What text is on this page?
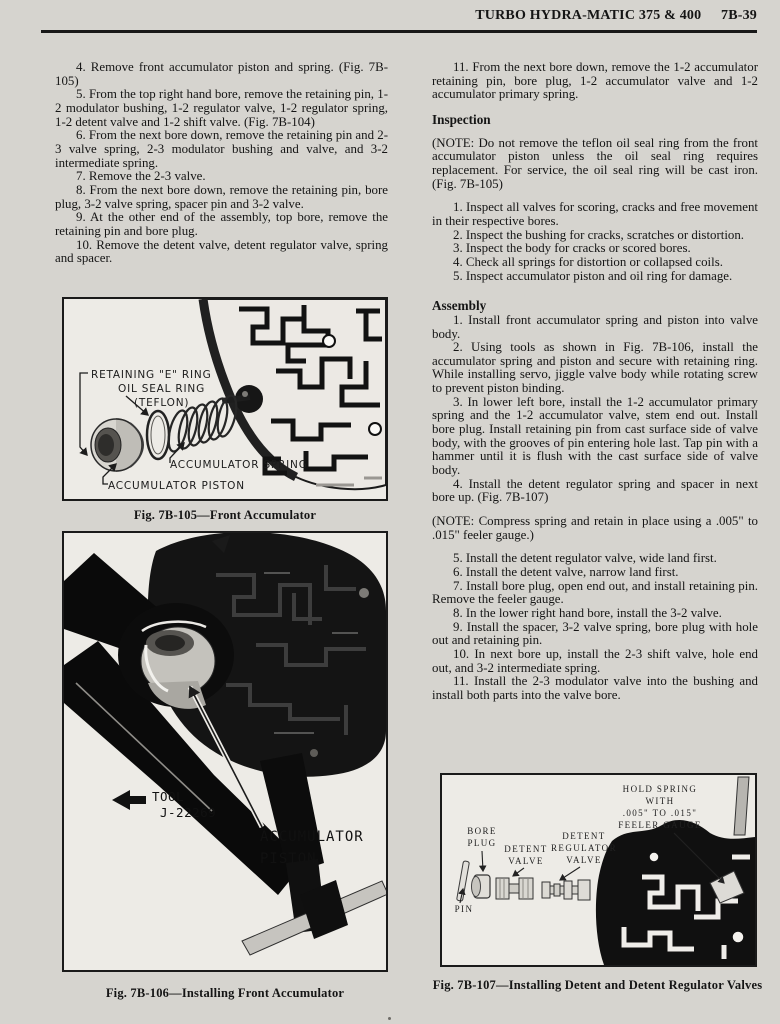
TURBO HYDRA-MATIC 375 & 400 7B-39

4. Remove front accumulator piston and spring. (Fig. 7B-105)

5. From the top right hand bore, remove the retaining pin, 1-2 modulator bushing, 1-2 regulator valve, 1-2 regulator spring, 1-2 detent valve and 1-2 shift valve. (Fig. 7B-104)

6. From the next bore down, remove the retaining pin and 2-3 valve spring, 2-3 modulator bushing and valve, and 3-2 intermediate spring.

7. Remove the 2-3 valve.

8. From the next bore down, remove the retaining pin, bore plug, 3-2 valve spring, spacer pin and 3-2 valve.

9. At the other end of the assembly, top bore, remove the retaining pin and bore plug.

10. Remove the detent valve, detent regulator valve, spring and spacer.

11. From the next bore down, remove the 1-2 accumulator retaining pin, bore plug, 1-2 accumulator valve and 1-2 accumulator primary spring.

Inspection

(NOTE: Do not remove the teflon oil seal ring from the front accumulator piston unless the oil seal ring requires replacement. For service, the oil seal ring will be cast iron. (Fig. 7B-105)

1. Inspect all valves for scoring, cracks and free movement in their respective bores.

2. Inspect the bushing for cracks, scratches or distortion.

3. Inspect the body for cracks or scored bores.

4. Check all springs for distortion or collapsed coils.

5. Inspect accumulator piston and oil ring for damage.

Assembly

1. Install front accumulator spring and piston into valve body.

2. Using tools as shown in Fig. 7B-106, install the accumulator spring and piston and secure with retaining ring. While installing servo, jiggle valve body while rotating screw to prevent piston binding.

3. In lower left bore, install the 1-2 accumulator primary spring and the 1-2 accumulator valve, stem end out. Install bore plug. Install retaining pin from cast surface side of valve body, with the grooves of pin entering hole last. Tap pin with a hammer until it is flush with the cast surface side of valve body.

4. Install the detent regulator spring and spacer in next bore up. (Fig. 7B-107)

(NOTE: Compress spring and retain in place using a .005" to .015" feeler gauge.)

5. Install the detent regulator valve, wide land first.

6. Install the detent valve, narrow land first.

7. Install bore plug, open end out, and install retaining pin. Remove the feeler gauge.

8. In the lower right hand bore, install the 3-2 valve.

9. Install the spacer, 3-2 valve spring, bore plug with hole out and retaining pin.

10. In next bore up, install the 2-3 shift valve, hole end out, and 3-2 intermediate spring.

11. Install the 2-3 modulator valve into the bushing and install both parts into the valve bore.

RETAINING "E" RING
OIL SEAL RING
(TEFLON)
ACCUMULATOR SPRING
ACCUMULATOR PISTON
Fig. 7B-105—Front Accumulator
ACCUMULATOR
PISTON
TOOL
J-22269
Fig. 7B-106—Installing Front Accumulator
HOLD SPRING
WITH
.005" TO .015"
FEELER GAUGE
BORE
PLUG
DETENT
VALVE
DETENT
REGULATOR
VALVE
PIN
Fig. 7B-107—Installing Detent and Detent Regulator Valves
